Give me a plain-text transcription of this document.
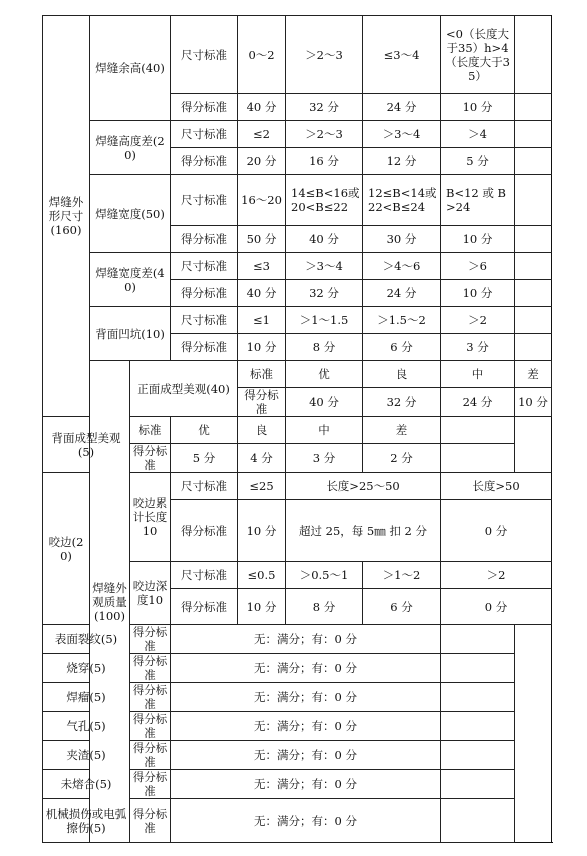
焊缝外形尺寸(160)	焊缝余高(40)		尺寸标准	0～2	＞2～3	≤3～4	<0（长度大于35）h>4（长度大于35）		
			得分标准	40 分	32 分	24 分	10 分		
	焊缝高度差(20)		尺寸标准	≤2	＞2～3	＞3～4	＞4		
			得分标准	20 分	16 分	12 分	5 分		
	焊缝宽度(50)		尺寸标准	16～20	14≤B<16或20<B≤22	12≤B<14或22<B≤24	B<12 或 B>24		
			得分标准	50 分	40 分	30 分	10 分		
	焊缝宽度差(40)		尺寸标准	≤3	＞3～4	＞4～6	＞6		
			得分标准	40 分	32 分	24 分	10 分		
	背面凹坑(10)		尺寸标准	≤1	＞1～1.5	＞1.5～2	＞2		
			得分标准	10 分	8 分	6 分	3 分		
	焊缝外观质量(100)	正面成型美观(40)		标准	优	良	中	差	
				得分标准	40 分	32 分	24 分	10 分	
背面成型美观(5)		标准	优	良	中	差			
		得分标准	5 分	4 分	3 分	2 分			
咬边(20)		咬边累计长度10	尺寸标准	≤25	长度>25～50		长度>50		
			得分标准	10 分	超过 25，每 5㎜ 扣 2 分		0 分		
		咬边深度10	尺寸标准	≤0.5	＞0.5～1	＞1～2	＞2		
			得分标准	10 分	8 分	6 分	0 分		
表面裂纹(5)		得分标准	无：满分；有：0 分						
烧穿(5)		得分标准	无：满分；有：0 分						
焊瘤(5)		得分标准	无：满分；有：0 分						
气孔(5)		得分标准	无：满分；有：0 分						
夹渣(5)		得分标准	无：满分；有：0 分						
未熔合(5)		得分标准	无：满分；有：0 分						
机械损伤或电弧擦伤(5)		得分标准	无：满分；有：0 分						
